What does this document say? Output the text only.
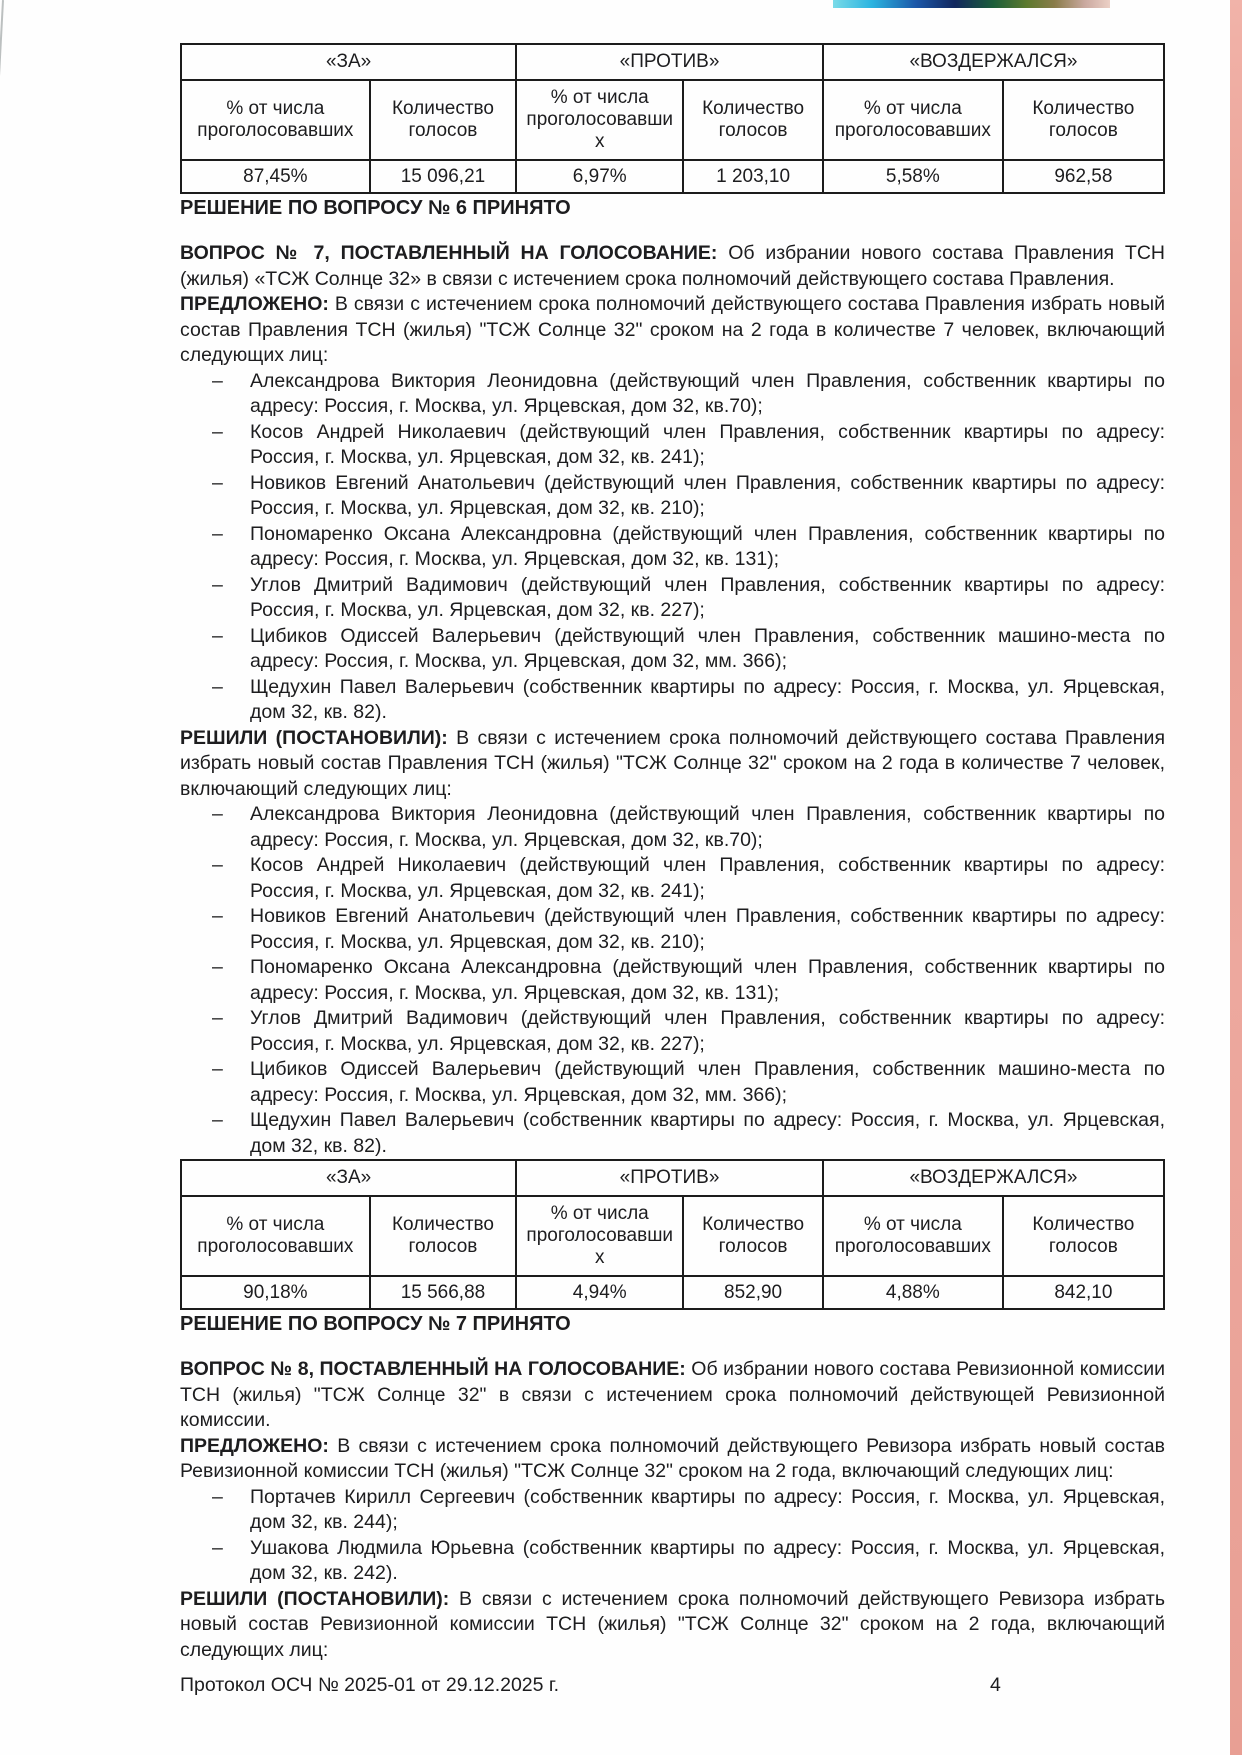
«ЗА»		«ПРОТИВ»		«ВОЗДЕРЖАЛСЯ»	
% от числа проголосовавших	Количество голосов	% от числа проголосовавши х	Количество голосов	% от числа проголосовавших	Количество голосов
87,45%	15 096,21	6,97%	1 203,10	5,58%	962,58

РЕШЕНИЕ ПО ВОПРОСУ № 6 ПРИНЯТО

ВОПРОС № 7, ПОСТАВЛЕННЫЙ НА ГОЛОСОВАНИЕ: Об избрании нового состава Правления ТСН (жилья) «ТСЖ Солнце 32» в связи с истечением срока полномочий действующего состава Правления.

ПРЕДЛОЖЕНО: В связи с истечением срока полномочий действующего состава Правления избрать новый состав Правления ТСН (жилья) "ТСЖ Солнце 32" сроком на 2 года в количестве 7 человек, включающий следующих лиц:

– Александрова Виктория Леонидовна (действующий член Правления, собственник квартиры по адресу: Россия, г. Москва, ул. Ярцевская, дом 32, кв.70);
– Косов Андрей Николаевич (действующий член Правления, собственник квартиры по адресу: Россия, г. Москва, ул. Ярцевская, дом 32, кв. 241);
– Новиков Евгений Анатольевич (действующий член Правления, собственник квартиры по адресу: Россия, г. Москва, ул. Ярцевская, дом 32, кв. 210);
– Пономаренко Оксана Александровна (действующий член Правления, собственник квартиры по адресу: Россия, г. Москва, ул. Ярцевская, дом 32, кв. 131);
– Углов Дмитрий Вадимович (действующий член Правления, собственник квартиры по адресу: Россия, г. Москва, ул. Ярцевская, дом 32, кв. 227);
– Цибиков Одиссей Валерьевич (действующий член Правления, собственник машино-места по адресу: Россия, г. Москва, ул. Ярцевская, дом 32, мм. 366);
– Щедухин Павел Валерьевич (собственник квартиры по адресу: Россия, г. Москва, ул. Ярцевская, дом 32, кв. 82).

РЕШИЛИ (ПОСТАНОВИЛИ): В связи с истечением срока полномочий действующего состава Правления избрать новый состав Правления ТСН (жилья) "ТСЖ Солнце 32" сроком на 2 года в количестве 7 человек, включающий следующих лиц:

– Александрова Виктория Леонидовна (действующий член Правления, собственник квартиры по адресу: Россия, г. Москва, ул. Ярцевская, дом 32, кв.70);
– Косов Андрей Николаевич (действующий член Правления, собственник квартиры по адресу: Россия, г. Москва, ул. Ярцевская, дом 32, кв. 241);
– Новиков Евгений Анатольевич (действующий член Правления, собственник квартиры по адресу: Россия, г. Москва, ул. Ярцевская, дом 32, кв. 210);
– Пономаренко Оксана Александровна (действующий член Правления, собственник квартиры по адресу: Россия, г. Москва, ул. Ярцевская, дом 32, кв. 131);
– Углов Дмитрий Вадимович (действующий член Правления, собственник квартиры по адресу: Россия, г. Москва, ул. Ярцевская, дом 32, кв. 227);
– Цибиков Одиссей Валерьевич (действующий член Правления, собственник машино-места по адресу: Россия, г. Москва, ул. Ярцевская, дом 32, мм. 366);
– Щедухин Павел Валерьевич (собственник квартиры по адресу: Россия, г. Москва, ул. Ярцевская, дом 32, кв. 82).
«ЗА»		«ПРОТИВ»		«ВОЗДЕРЖАЛСЯ»	
% от числа проголосовавших	Количество голосов	% от числа проголосовавши х	Количество голосов	% от числа проголосовавших	Количество голосов
90,18%	15 566,88	4,94%	852,90	4,88%	842,10

РЕШЕНИЕ ПО ВОПРОСУ № 7 ПРИНЯТО

ВОПРОС № 8, ПОСТАВЛЕННЫЙ НА ГОЛОСОВАНИЕ: Об избрании нового состава Ревизионной комиссии ТСН (жилья) "ТСЖ Солнце 32" в связи с истечением срока полномочий действующей Ревизионной комиссии.

ПРЕДЛОЖЕНО: В связи с истечением срока полномочий действующего Ревизора избрать новый состав Ревизионной комиссии ТСН (жилья) "ТСЖ Солнце 32" сроком на 2 года, включающий следующих лиц:

– Портачев Кирилл Сергеевич (собственник квартиры по адресу: Россия, г. Москва, ул. Ярцевская, дом 32, кв. 244);
– Ушакова Людмила Юрьевна (собственник квартиры по адресу: Россия, г. Москва, ул. Ярцевская, дом 32, кв. 242).

РЕШИЛИ (ПОСТАНОВИЛИ): В связи с истечением срока полномочий действующего Ревизора избрать новый состав Ревизионной комиссии ТСН (жилья) "ТСЖ Солнце 32" сроком на 2 года, включающий следующих лиц:

Протокол ОСЧ № 2025-01 от 29.12.2025 г.	4
